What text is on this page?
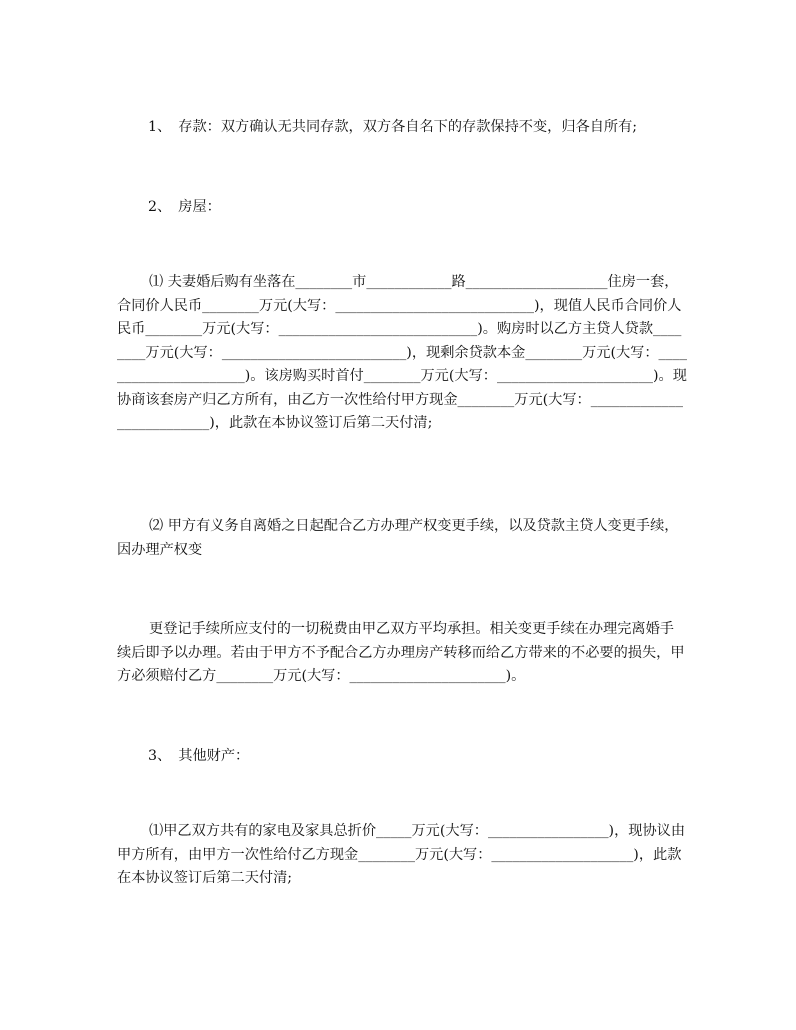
1、　存款：双方确认无共同存款，双方各自名下的存款保持不变，归各自所有;

2、　房屋：

⑴ 夫妻婚后购有坐落在________市____________路____________________住房一套，合同价人民币________万元(大写：____________________________)，现值人民币合同价人民币________万元(大写：____________________________)。购房时以乙方主贷人贷款________万元(大写：__________________________)，现剩余贷款本金________万元(大写：______________________)。该房购买时首付________万元(大写：______________________)。现协商该套房产归乙方所有，由乙方一次性给付甲方现金________万元(大写：__________________________)，此款在本协议签订后第二天付清;

⑵ 甲方有义务自离婚之日起配合乙方办理产权变更手续，以及贷款主贷人变更手续，因办理产权变

更登记手续所应支付的一切税费由甲乙双方平均承担。相关变更手续在办理完离婚手续后即予以办理。若由于甲方不予配合乙方办理房产转移而给乙方带来的不必要的损失，甲方必须赔付乙方________万元(大写：______________________)。

3、　其他财产：

⑴甲乙双方共有的家电及家具总折价_____万元(大写：_________________)，现协议由甲方所有，由甲方一次性给付乙方现金________万元(大写：____________________)，此款在本协议签订后第二天付清;
